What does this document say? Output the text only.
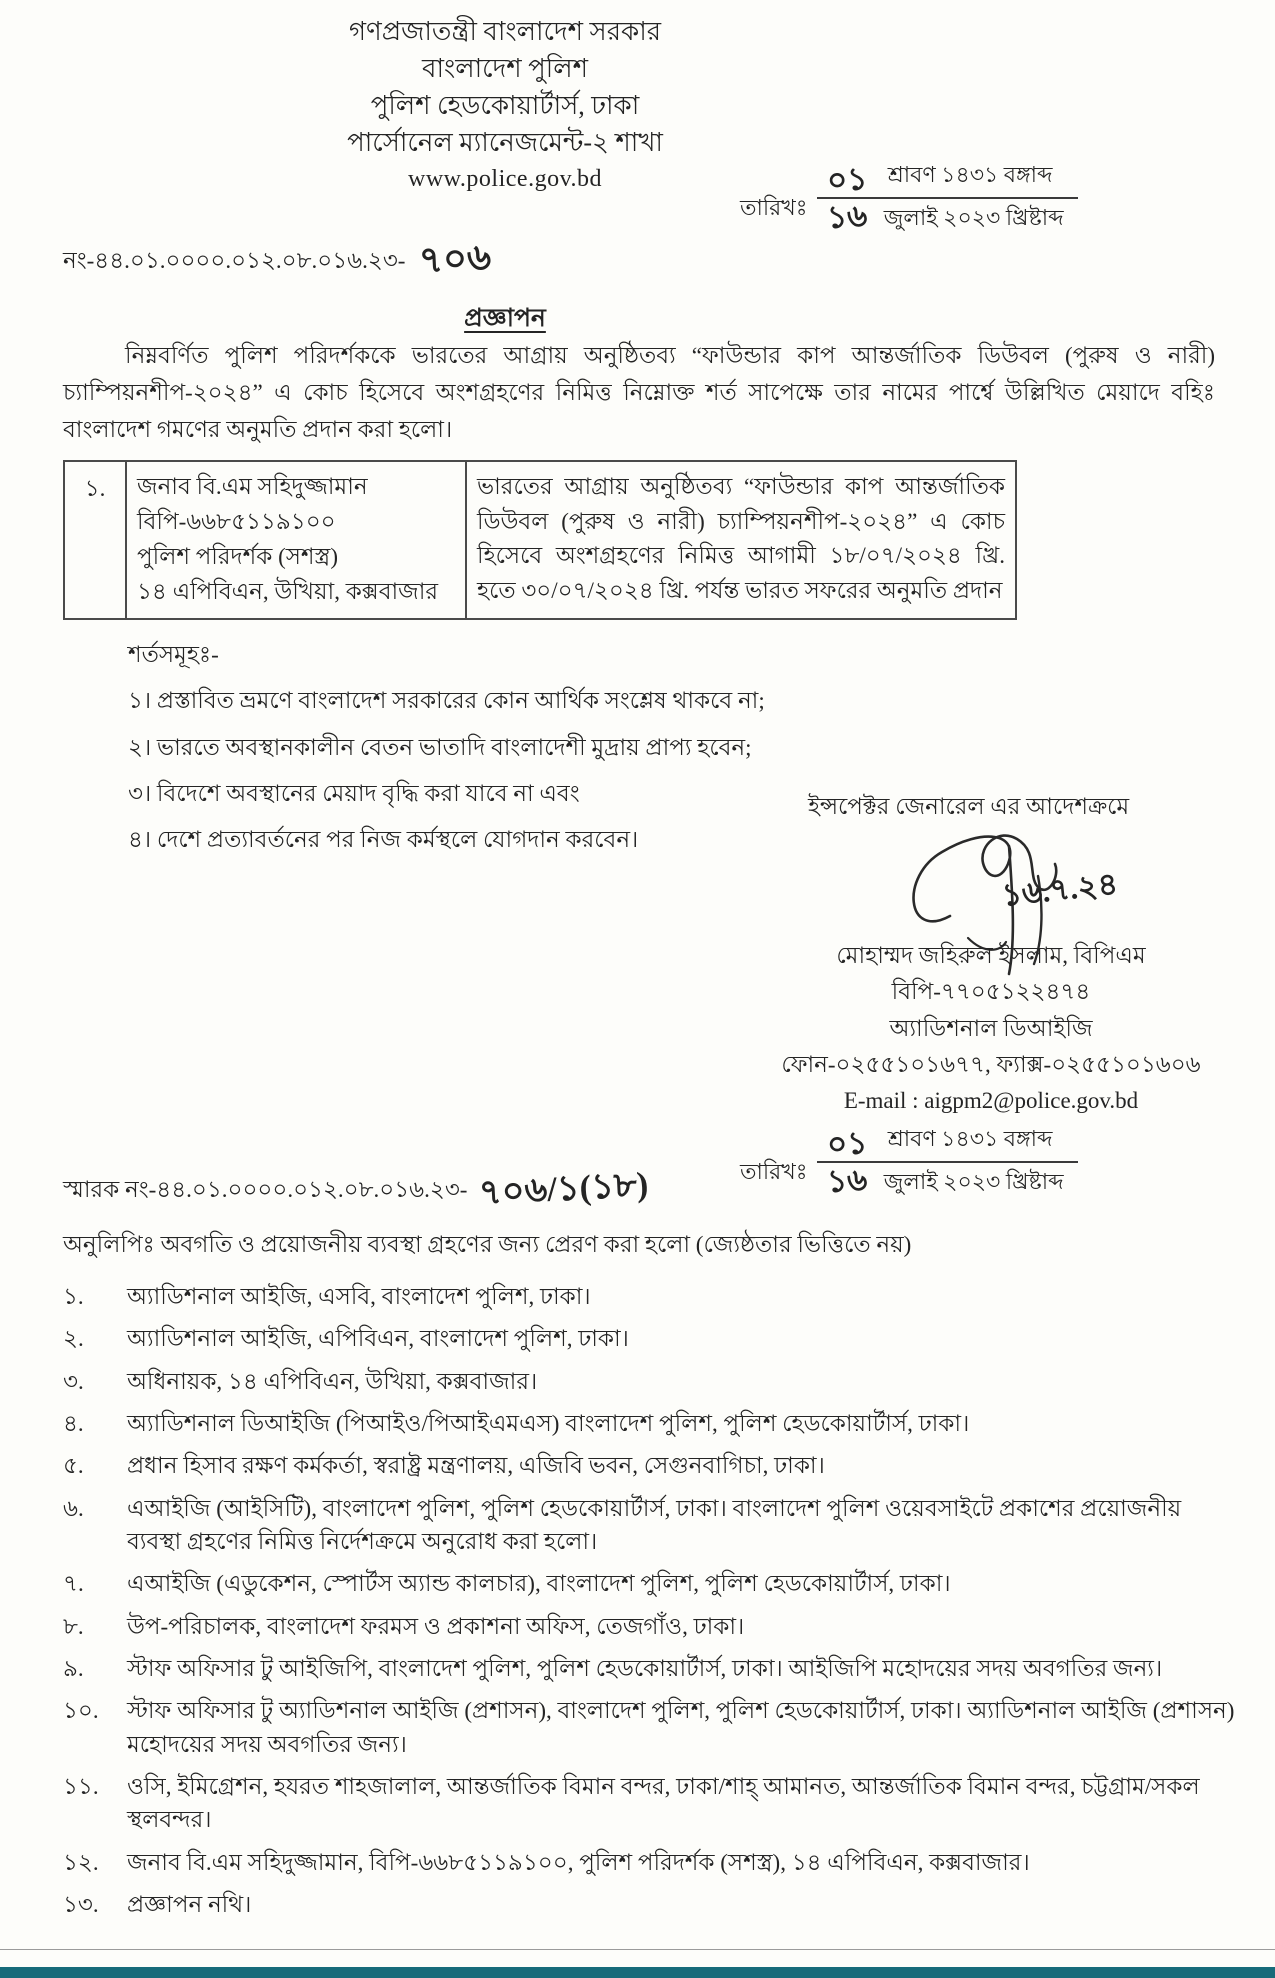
গণপ্রজাতন্ত্রী বাংলাদেশ সরকার
বাংলাদেশ পুলিশ
পুলিশ হেডকোয়ার্টার্স, ঢাকা
পার্সোনেল ম্যানেজমেন্ট-২ শাখা
www.police.gov.bd
নং-৪৪.০১.০০০০.০১২.০৮.০১৬.২৩- ৭০৬
তারিখঃ $\frac{\text{০১ শ্রাবণ ১৪৩১ বঙ্গাব্দ}}{\text{১৬ জুলাই ২০২৩ খ্রিষ্টাব্দ}}$
প্রজ্ঞাপন
নিম্নবর্ণিত পুলিশ পরিদর্শককে ভারতের আগ্রায় অনুষ্ঠিতব্য “ফাউন্ডার কাপ আন্তর্জাতিক ডিউবল (পুরুষ ও নারী) চ্যাম্পিয়নশীপ-২০২৪” এ কোচ হিসেবে অংশগ্রহণের নিমিত্ত নিম্নোক্ত শর্ত সাপেক্ষে তার নামের পার্শ্বে উল্লিখিত মেয়াদে বহিঃ বাংলাদেশ গমণের অনুমতি প্রদান করা হলো।
১.	জনাব বি.এম সহিদুজ্জামান
বিপি-৬৬৮৫১১৯১০০
পুলিশ পরিদর্শক (সশস্ত্র)
১৪ এপিবিএন, উখিয়া, কক্সবাজার
	ভারতের আগ্রায় অনুষ্ঠিতব্য “ফাউন্ডার কাপ আন্তর্জাতিক ডিউবল (পুরুষ ও নারী) চ্যাম্পিয়নশীপ-২০২৪” এ কোচ হিসেবে অংশগ্রহণের নিমিত্ত আগামী ১৮/০৭/২০২৪ খ্রি. হতে ৩০/০৭/২০২৪ খ্রি. পর্যন্ত ভারত সফরের অনুমতি প্রদান
শর্তসমূহঃ-
১। প্রস্তাবিত ভ্রমণে বাংলাদেশ সরকারের কোন আর্থিক সংশ্লেষ থাকবে না;
২। ভারতে অবস্থানকালীন বেতন ভাতাদি বাংলাদেশী মুদ্রায় প্রাপ্য হবেন;
৩। বিদেশে অবস্থানের মেয়াদ বৃদ্ধি করা যাবে না এবং
৪। দেশে প্রত্যাবর্তনের পর নিজ কর্মস্থলে যোগদান করবেন।
ইন্সপেক্টর জেনারেল এর আদেশক্রমে
১৬.৭.২৪
মোহাম্মদ জহিরুল ইসলাম, বিপিএম
বিপি-৭৭০৫১২২৪৭৪
অ্যাডিশনাল ডিআইজি
ফোন-০২৫৫১০১৬৭৭, ফ্যাক্স-০২৫৫১০১৬০৬
E-mail : aigpm2@police.gov.bd
স্মারক নং-৪৪.০১.০০০০.০১২.০৮.০১৬.২৩- ৭০৬/১(১৮)	তারিখঃ $\frac{\text{০১ শ্রাবণ ১৪৩১ বঙ্গাব্দ}}{\text{১৬ জুলাই ২০২৩ খ্রিষ্টাব্দ}}$
অনুলিপিঃ অবগতি ও প্রয়োজনীয় ব্যবস্থা গ্রহণের জন্য প্রেরণ করা হলো (জ্যেষ্ঠতার ভিত্তিতে নয়)
১.	অ্যাডিশনাল আইজি, এসবি, বাংলাদেশ পুলিশ, ঢাকা।
২.	অ্যাডিশনাল আইজি, এপিবিএন, বাংলাদেশ পুলিশ, ঢাকা।
৩.	অধিনায়ক, ১৪ এপিবিএন, উখিয়া, কক্সবাজার।
৪.	অ্যাডিশনাল ডিআইজি (পিআইও/পিআইএমএস) বাংলাদেশ পুলিশ, পুলিশ হেডকোয়ার্টার্স, ঢাকা।
৫.	প্রধান হিসাব রক্ষণ কর্মকর্তা, স্বরাষ্ট্র মন্ত্রণালয়, এজিবি ভবন, সেগুনবাগিচা, ঢাকা।
৬.	এআইজি (আইসিটি), বাংলাদেশ পুলিশ, পুলিশ হেডকোয়ার্টার্স, ঢাকা। বাংলাদেশ পুলিশ ওয়েবসাইটে প্রকাশের প্রয়োজনীয় ব্যবস্থা গ্রহণের নিমিত্ত নির্দেশক্রমে অনুরোধ করা হলো।
৭.	এআইজি (এডুকেশন, স্পোর্টস অ্যান্ড কালচার), বাংলাদেশ পুলিশ, পুলিশ হেডকোয়ার্টার্স, ঢাকা।
৮.	উপ-পরিচালক, বাংলাদেশ ফরমস ও প্রকাশনা অফিস, তেজগাঁও, ঢাকা।
৯.	স্টাফ অফিসার টু আইজিপি, বাংলাদেশ পুলিশ, পুলিশ হেডকোয়ার্টার্স, ঢাকা। আইজিপি মহোদয়ের সদয় অবগতির জন্য।
১০.	স্টাফ অফিসার টু অ্যাডিশনাল আইজি (প্রশাসন), বাংলাদেশ পুলিশ, পুলিশ হেডকোয়ার্টার্স, ঢাকা। অ্যাডিশনাল আইজি (প্রশাসন) মহোদয়ের সদয় অবগতির জন্য।
১১.	ওসি, ইমিগ্রেশন, হযরত শাহজালাল, আন্তর্জাতিক বিমান বন্দর, ঢাকা/শাহ্ আমানত, আন্তর্জাতিক বিমান বন্দর, চট্টগ্রাম/সকল স্থলবন্দর।
১২.	জনাব বি.এম সহিদুজ্জামান, বিপি-৬৬৮৫১১৯১০০, পুলিশ পরিদর্শক (সশস্ত্র), ১৪ এপিবিএন, কক্সবাজার।
১৩.	প্রজ্ঞাপন নথি।
